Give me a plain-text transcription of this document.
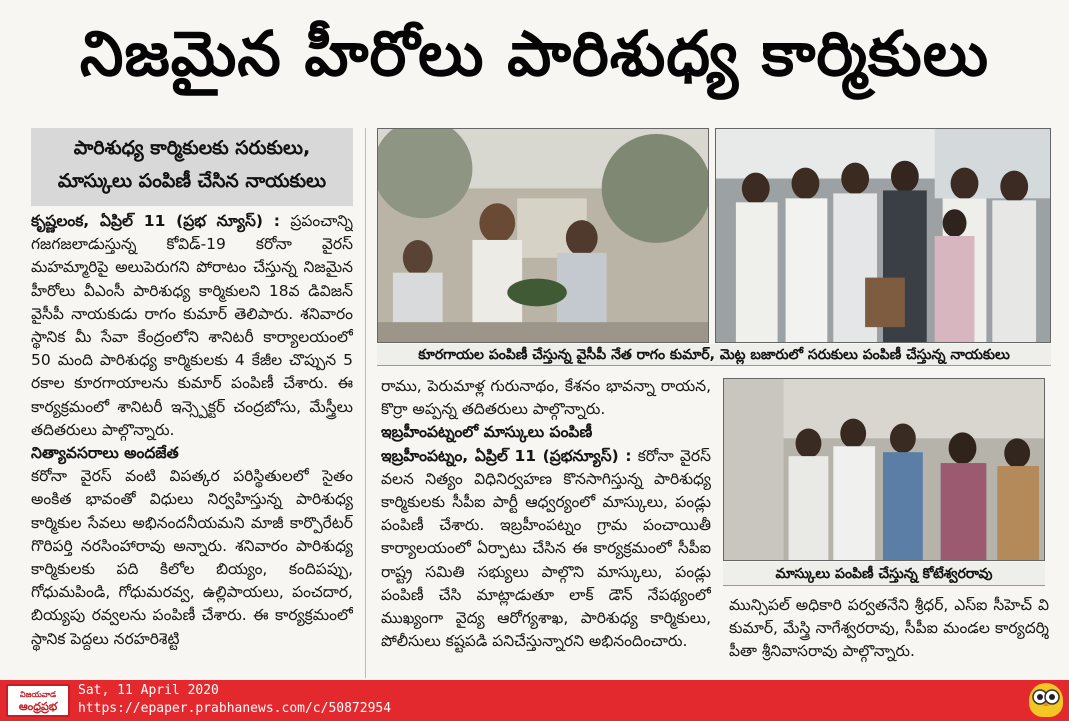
నిజమైన హీరోలు పారిశుధ్య కార్మికులు
పారిశుధ్య కార్మికులకు సరుకులు,
మాస్కులు పంపిణీ చేసిన నాయకులు

కృష్ణలంక, ఏప్రిల్ 11 (ప్రభ న్యూస్) : ప్రపంచాన్ని గజగజలాడుస్తున్న కోవిడ్-19 కరోనా వైరస్ మహమ్మారిపై అలుపెరుగని పోరాటం చేస్తున్న నిజమైన హీరోలు వీఎంసీ పారిశుధ్య కార్మికులని 18వ డివిజన్ వైసీపీ నాయకుడు రాగం కుమార్ తెలిపారు. శనివారం స్థానిక మీ సేవా కేంద్రంలోని శానిటరీ కార్యాలయంలో 50 మంది పారిశుధ్య కార్మికులకు 4 కేజీల చొప్పున 5 రకాల కూరగాయాలను కుమార్ పంపిణీ చేశారు. ఈ కార్యక్రమంలో శానిటరీ ఇన్స్పెక్టర్ చంద్రబోసు, మేస్త్రీలు తదితరులు పాల్గొన్నారు.

నిత్యావసరాలు అందజేత

కరోనా వైరస్ వంటి విపత్కర పరిస్థితులలో సైతం అంకిత భావంతో విధులు నిర్వహిస్తున్న పారిశుధ్య కార్మికుల సేవలు అభినందనీయమని మాజీ కార్పొరేటర్ గొరిపర్తి నరసింహారావు అన్నారు. శనివారం పారిశుధ్య కార్మికులకు పది కిలోల బియ్యం, కందిపప్పు, గోధుమపిండి, గోధుమరవ్వ, ఉల్లిపాయలు, పంచదార, బియ్యపు రవ్వలను పంపిణీ చేశారు. ఈ కార్యక్రమంలో స్థానిక పెద్దలు నరహరిశెట్టి

కూరగాయల పంపిణీ చేస్తున్న వైసీపీ నేత రాగం కుమార్, మెట్ల బజారులో సరుకులు పంపిణీ చేస్తున్న నాయకులు

రాము, పెరుమాళ్ల గురునాథం, కేశనం భావన్నా రాయన, కొర్రా అప్పన్న తదితరులు పాల్గొన్నారు.

ఇబ్రహీంపట్నంలో మాస్కులు పంపిణీ

ఇబ్రహీంపట్నం, ఏప్రిల్ 11 (ప్రభన్యూస్) : కరోనా వైరస్ వలన నిత్యం విధినిర్వహణ కొనసాగిస్తున్న పారిశుధ్య కార్మికులకు సీపీఐ పార్టీ ఆధ్వర్యంలో మాస్కులు, పండ్లు పంపిణీ చేశారు. ఇబ్రహీంపట్నం గ్రామ పంచాయితీ కార్యాలయంలో ఏర్పాటు చేసిన ఈ కార్యక్రమంలో సీపీఐ రాష్ట్ర సమితి సభ్యులు పాల్గొని మాస్కులు, పండ్లు పంపిణీ చేసి మాట్లాడుతూ లాక్ డౌన్ నేపథ్యంలో ముఖ్యంగా వైద్య ఆరోగ్యశాఖ, పారిశుధ్య కార్మికులు, పోలీసులు కష్టపడి పనిచేస్తున్నారని అభినందించారు.

మాస్కులు పంపిణీ చేస్తున్న కోటేశ్వరరావు

మున్సిపల్ అధికారి పర్వతనేని శ్రీధర్, ఎస్ఐ సీహెచ్ వి కుమార్, మేస్త్రి నాగేశ్వరరావు, సీపీఐ మండల కార్యదర్శి పీతా శ్రీనివాసరావు పాల్గొన్నారు.

విజయవాడ
ఆంధ్రప్రభ
Sat, 11 April 2020
https://epaper.prabhanews.com/c/50872954
